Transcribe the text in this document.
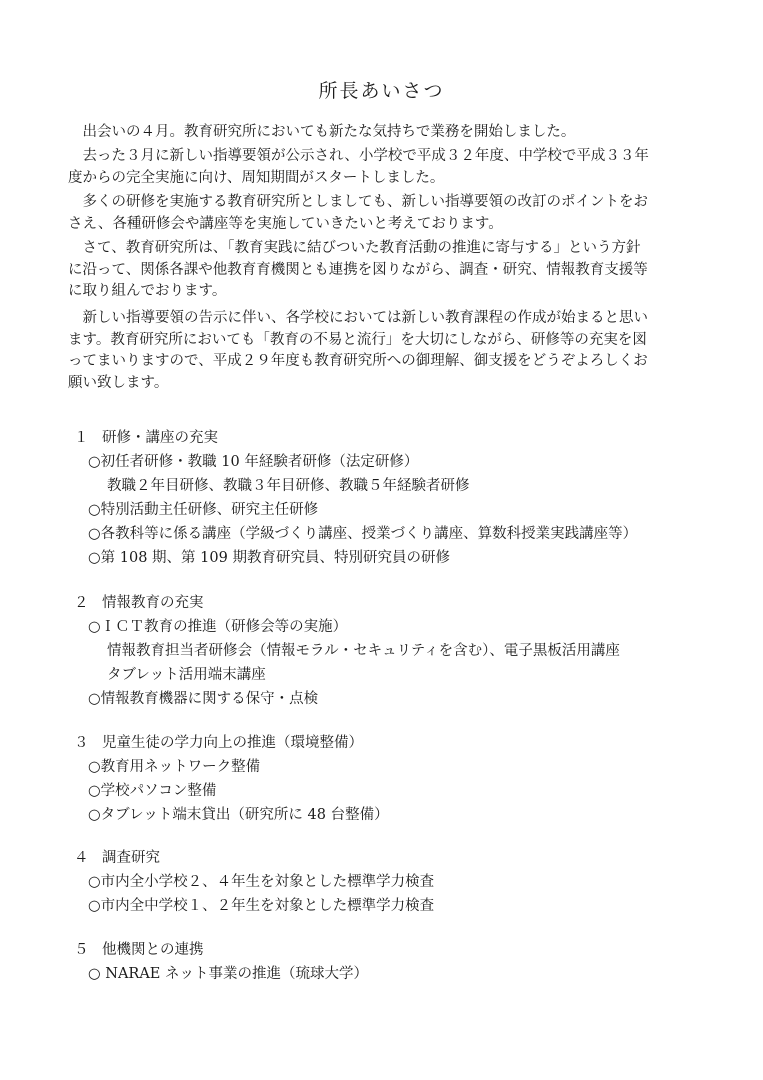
所長あいさつ

　出会いの４月。教育研究所においても新たな気持ちで業務を開始しました。

　去った３月に新しい指導要領が公示され、小学校で平成３２年度、中学校で平成３３年
度からの完全実施に向け、周知期間がスタートしました。

　多くの研修を実施する教育研究所としましても、新しい指導要領の改訂のポイントをお
さえ、各種研修会や講座等を実施していきたいと考えております。

　さて、教育研究所は、「教育実践に結びついた教育活動の推進に寄与する」という方針
に沿って、関係各課や他教育育機関とも連携を図りながら、調査・研究、情報教育支援等
に取り組んでおります。

　新しい指導要領の告示に伴い、各学校においては新しい教育課程の作成が始まると思い
ます。教育研究所においても「教育の不易と流行」を大切にしながら、研修等の充実を図
ってまいりますので、平成２９年度も教育研究所への御理解、御支援をどうぞよろしくお
願い致します。

１ 研修・講座の充実
○初任者研修・教職 10 年経験者研修（法定研修）
教職２年目研修、教職３年目研修、教職５年経験者研修
○特別活動主任研修、研究主任研修
○各教科等に係る講座（学級づくり講座、授業づくり講座、算数科授業実践講座等）
○第 108 期、第 109 期教育研究員、特別研究員の研修
２ 情報教育の充実
○ＩＣＴ教育の推進（研修会等の実施）
情報教育担当者研修会（情報モラル・セキュリティを含む）、電子黒板活用講座
タブレット活用端末講座
○情報教育機器に関する保守・点検
３ 児童生徒の学力向上の推進（環境整備）
○教育用ネットワーク整備
○学校パソコン整備
○タブレット端末貸出（研究所に 48 台整備）
４ 調査研究
○市内全小学校２、４年生を対象とした標準学力検査
○市内全中学校１、２年生を対象とした標準学力検査
５ 他機関との連携
○ NARAE ネット事業の推進（琉球大学）
